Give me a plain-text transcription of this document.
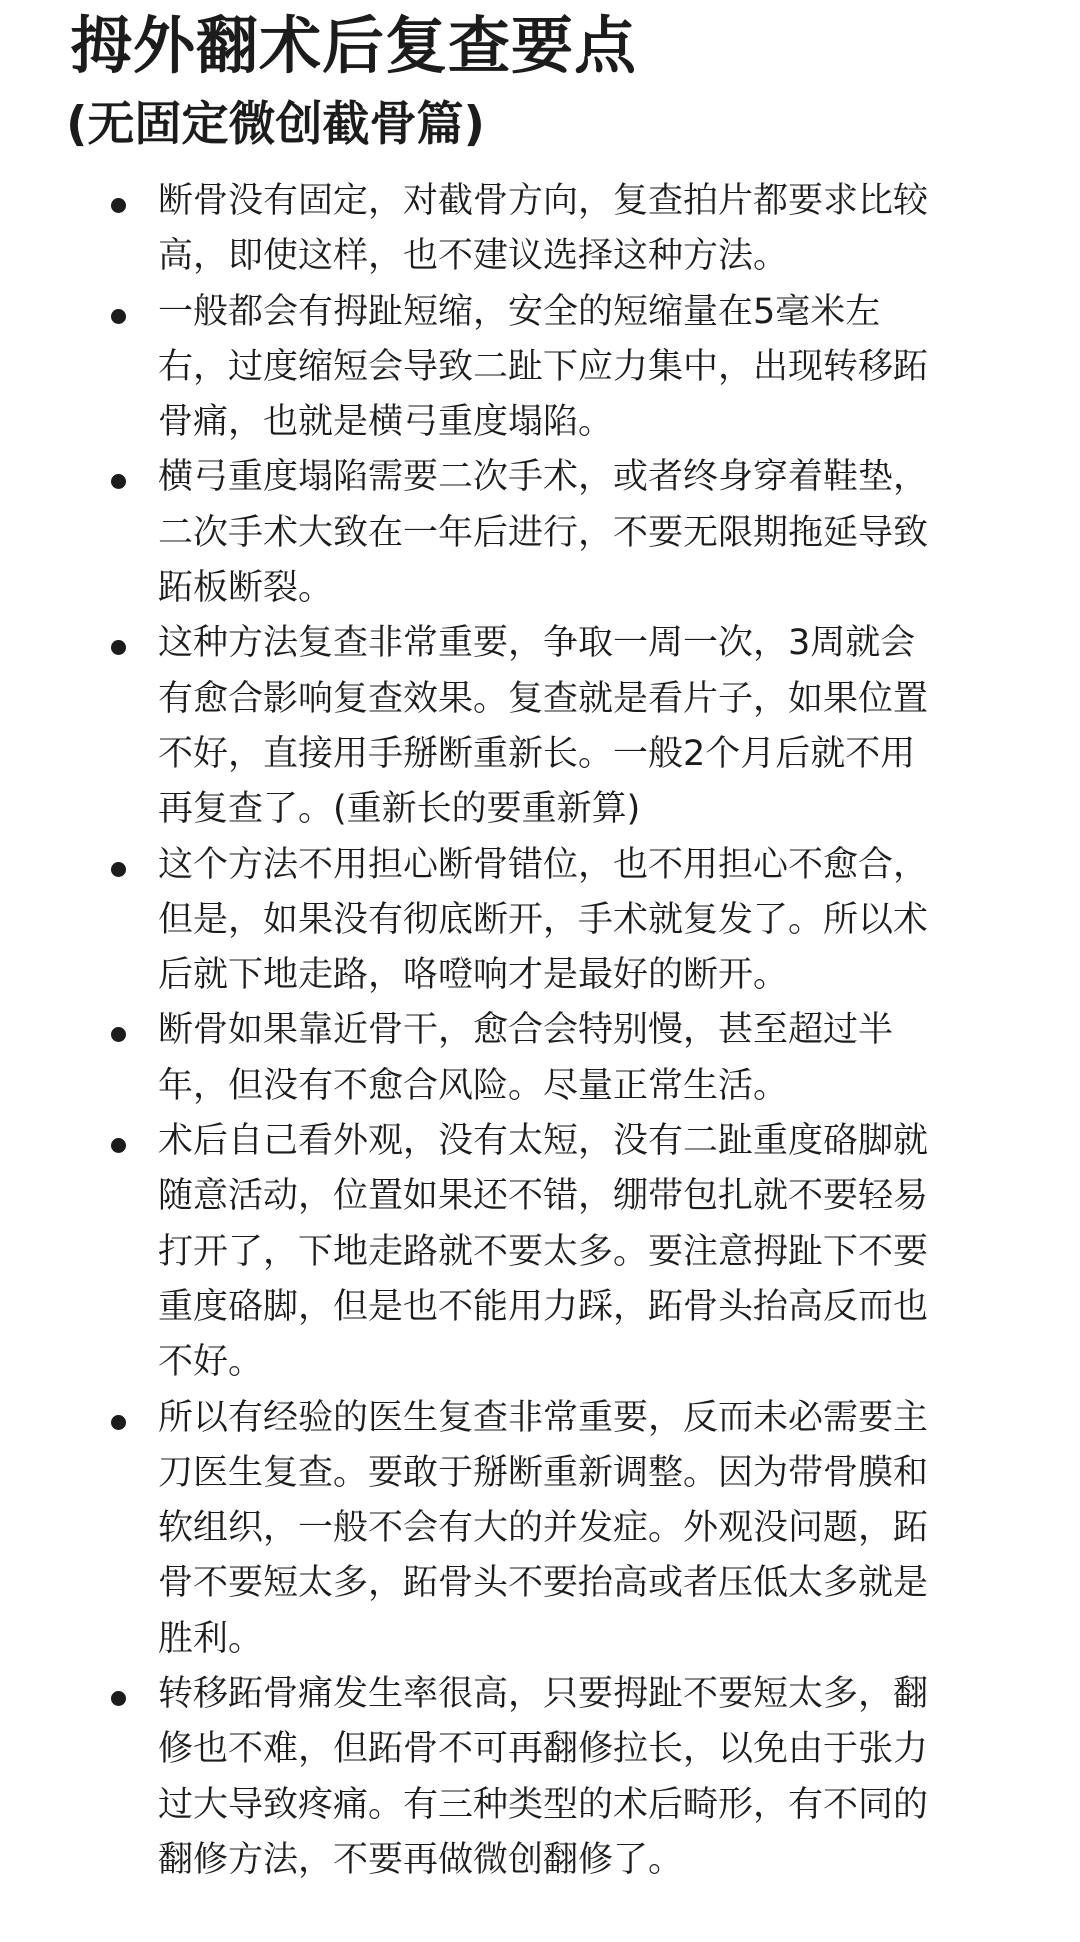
拇外翻术后复查要点
(无固定微创截骨篇)
断骨没有固定，对截骨方向，复查拍片都要求比较
高，即使这样，也不建议选择这种方法。
一般都会有拇趾短缩，安全的短缩量在5毫米左
右，过度缩短会导致二趾下应力集中，出现转移跖
骨痛，也就是横弓重度塌陷。
横弓重度塌陷需要二次手术，或者终身穿着鞋垫，
二次手术大致在一年后进行，不要无限期拖延导致
跖板断裂。
这种方法复查非常重要，争取一周一次，3周就会
有愈合影响复查效果。复查就是看片子，如果位置
不好，直接用手掰断重新长。一般2个月后就不用
再复查了。(重新长的要重新算)
这个方法不用担心断骨错位，也不用担心不愈合，
但是，如果没有彻底断开，手术就复发了。所以术
后就下地走路，咯噔响才是最好的断开。
断骨如果靠近骨干，愈合会特别慢，甚至超过半
年，但没有不愈合风险。尽量正常生活。
术后自己看外观，没有太短，没有二趾重度硌脚就
随意活动，位置如果还不错，绷带包扎就不要轻易
打开了，下地走路就不要太多。要注意拇趾下不要
重度硌脚，但是也不能用力踩，跖骨头抬高反而也
不好。
所以有经验的医生复查非常重要，反而未必需要主
刀医生复查。要敢于掰断重新调整。因为带骨膜和
软组织，一般不会有大的并发症。外观没问题，跖
骨不要短太多，跖骨头不要抬高或者压低太多就是
胜利。
转移跖骨痛发生率很高，只要拇趾不要短太多，翻
修也不难，但跖骨不可再翻修拉长，以免由于张力
过大导致疼痛。有三种类型的术后畸形，有不同的
翻修方法，不要再做微创翻修了。
